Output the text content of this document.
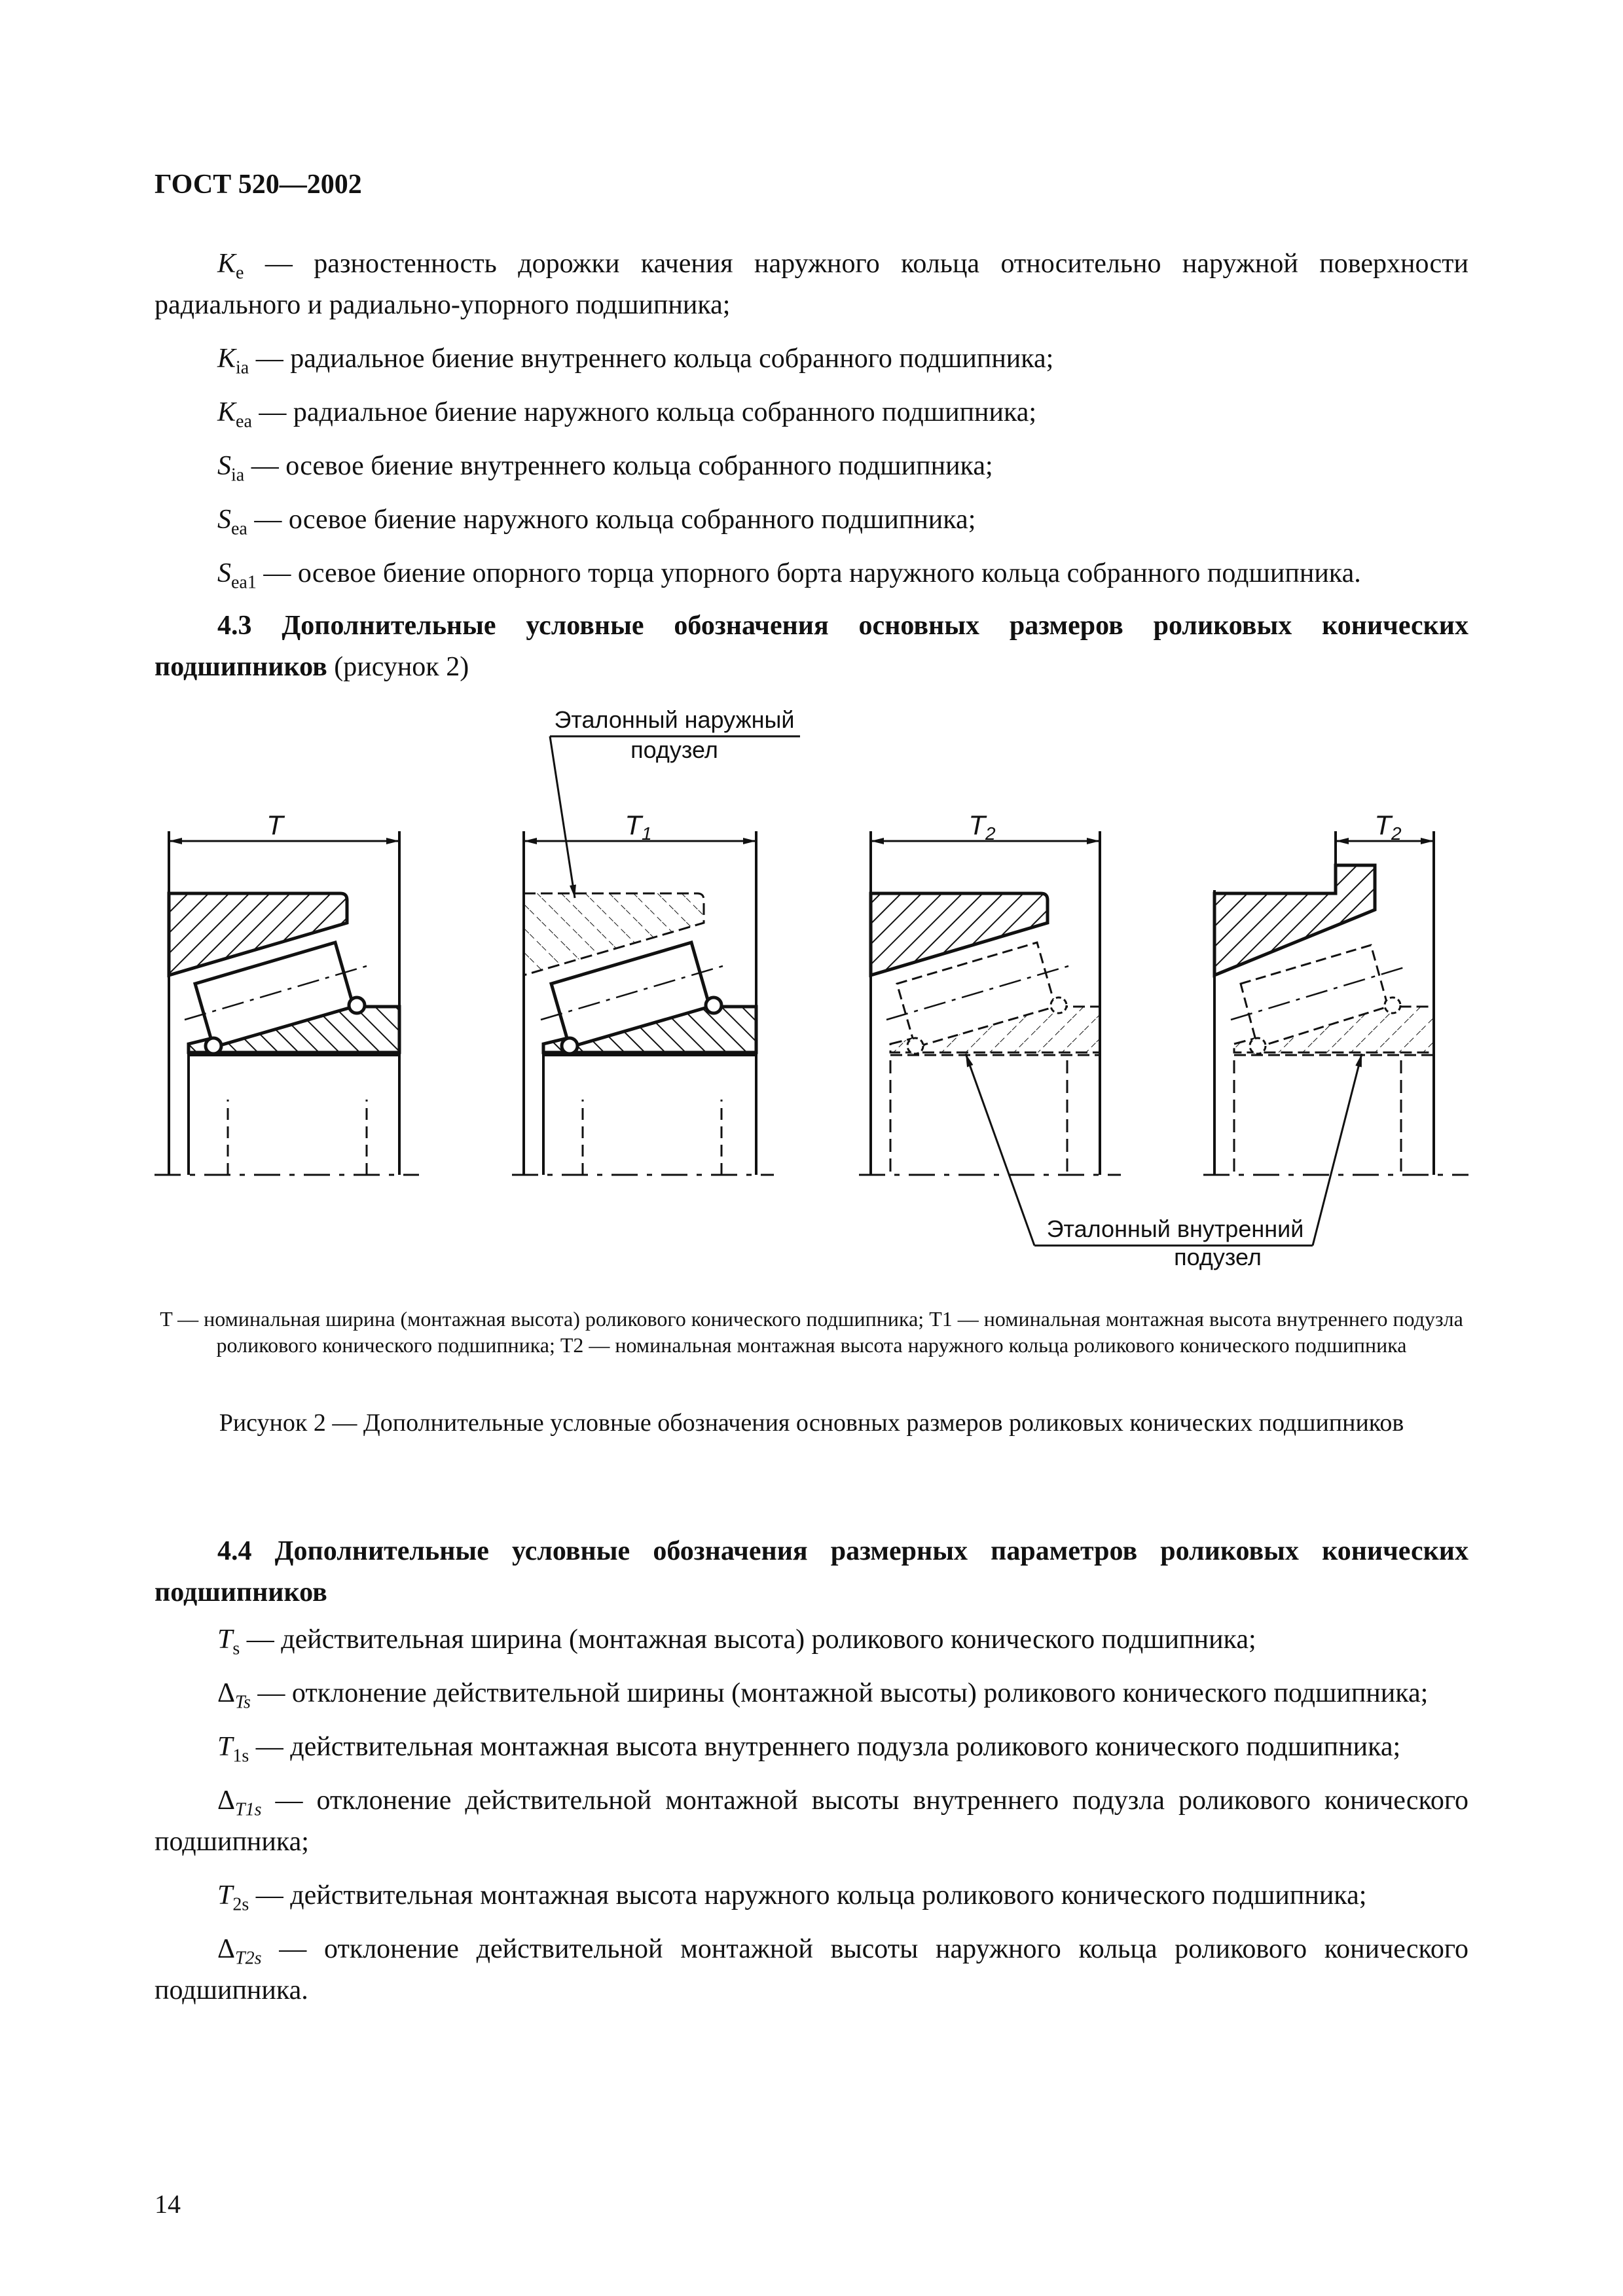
ГОСТ 520—2002

$K_e$ — разностенность дорожки качения наружного кольца относительно наружной поверхности радиального и радиально-упорного подшипника;

$K_{ia}$ — радиальное биение внутреннего кольца собранного подшипника;

$K_{ea}$ — радиальное биение наружного кольца собранного подшипника;

$S_{ia}$ — осевое биение внутреннего кольца собранного подшипника;

$S_{ea}$ — осевое биение наружного кольца собранного подшипника;

$S_{ea1}$ — осевое биение опорного торца упорного борта наружного кольца собранного подшипника.

4.3 Дополнительные условные обозначения основных размеров роликовых конических подшипников (рисунок 2)

T	T1
Эталонный наружный
подузел
T2	T2
Эталонный внутренний
подузел
T — номинальная ширина (монтажная высота) роликового конического подшипника; T1 — номинальная монтажная высота внутреннего подузла роликового конического подшипника; T2 — номинальная монтажная высота наружного кольца роликового конического подшипника
Рисунок 2 — Дополнительные условные обозначения основных размеров роликовых конических подшипников

4.4 Дополнительные условные обозначения размерных параметров роликовых конических подшипников

$T_s$ — действительная ширина (монтажная высота) роликового конического подшипника;

$\Delta_{Ts}$ — отклонение действительной ширины (монтажной высоты) роликового конического подшипника;

$T_{1s}$ — действительная монтажная высота внутреннего подузла роликового конического подшипника;

$\Delta_{T1s}$ — отклонение действительной монтажной высоты внутреннего подузла роликового конического подшипника;

$T_{2s}$ — действительная монтажная высота наружного кольца роликового конического подшипника;

$\Delta_{T2s}$ — отклонение действительной монтажной высоты наружного кольца роликового конического подшипника.

14
